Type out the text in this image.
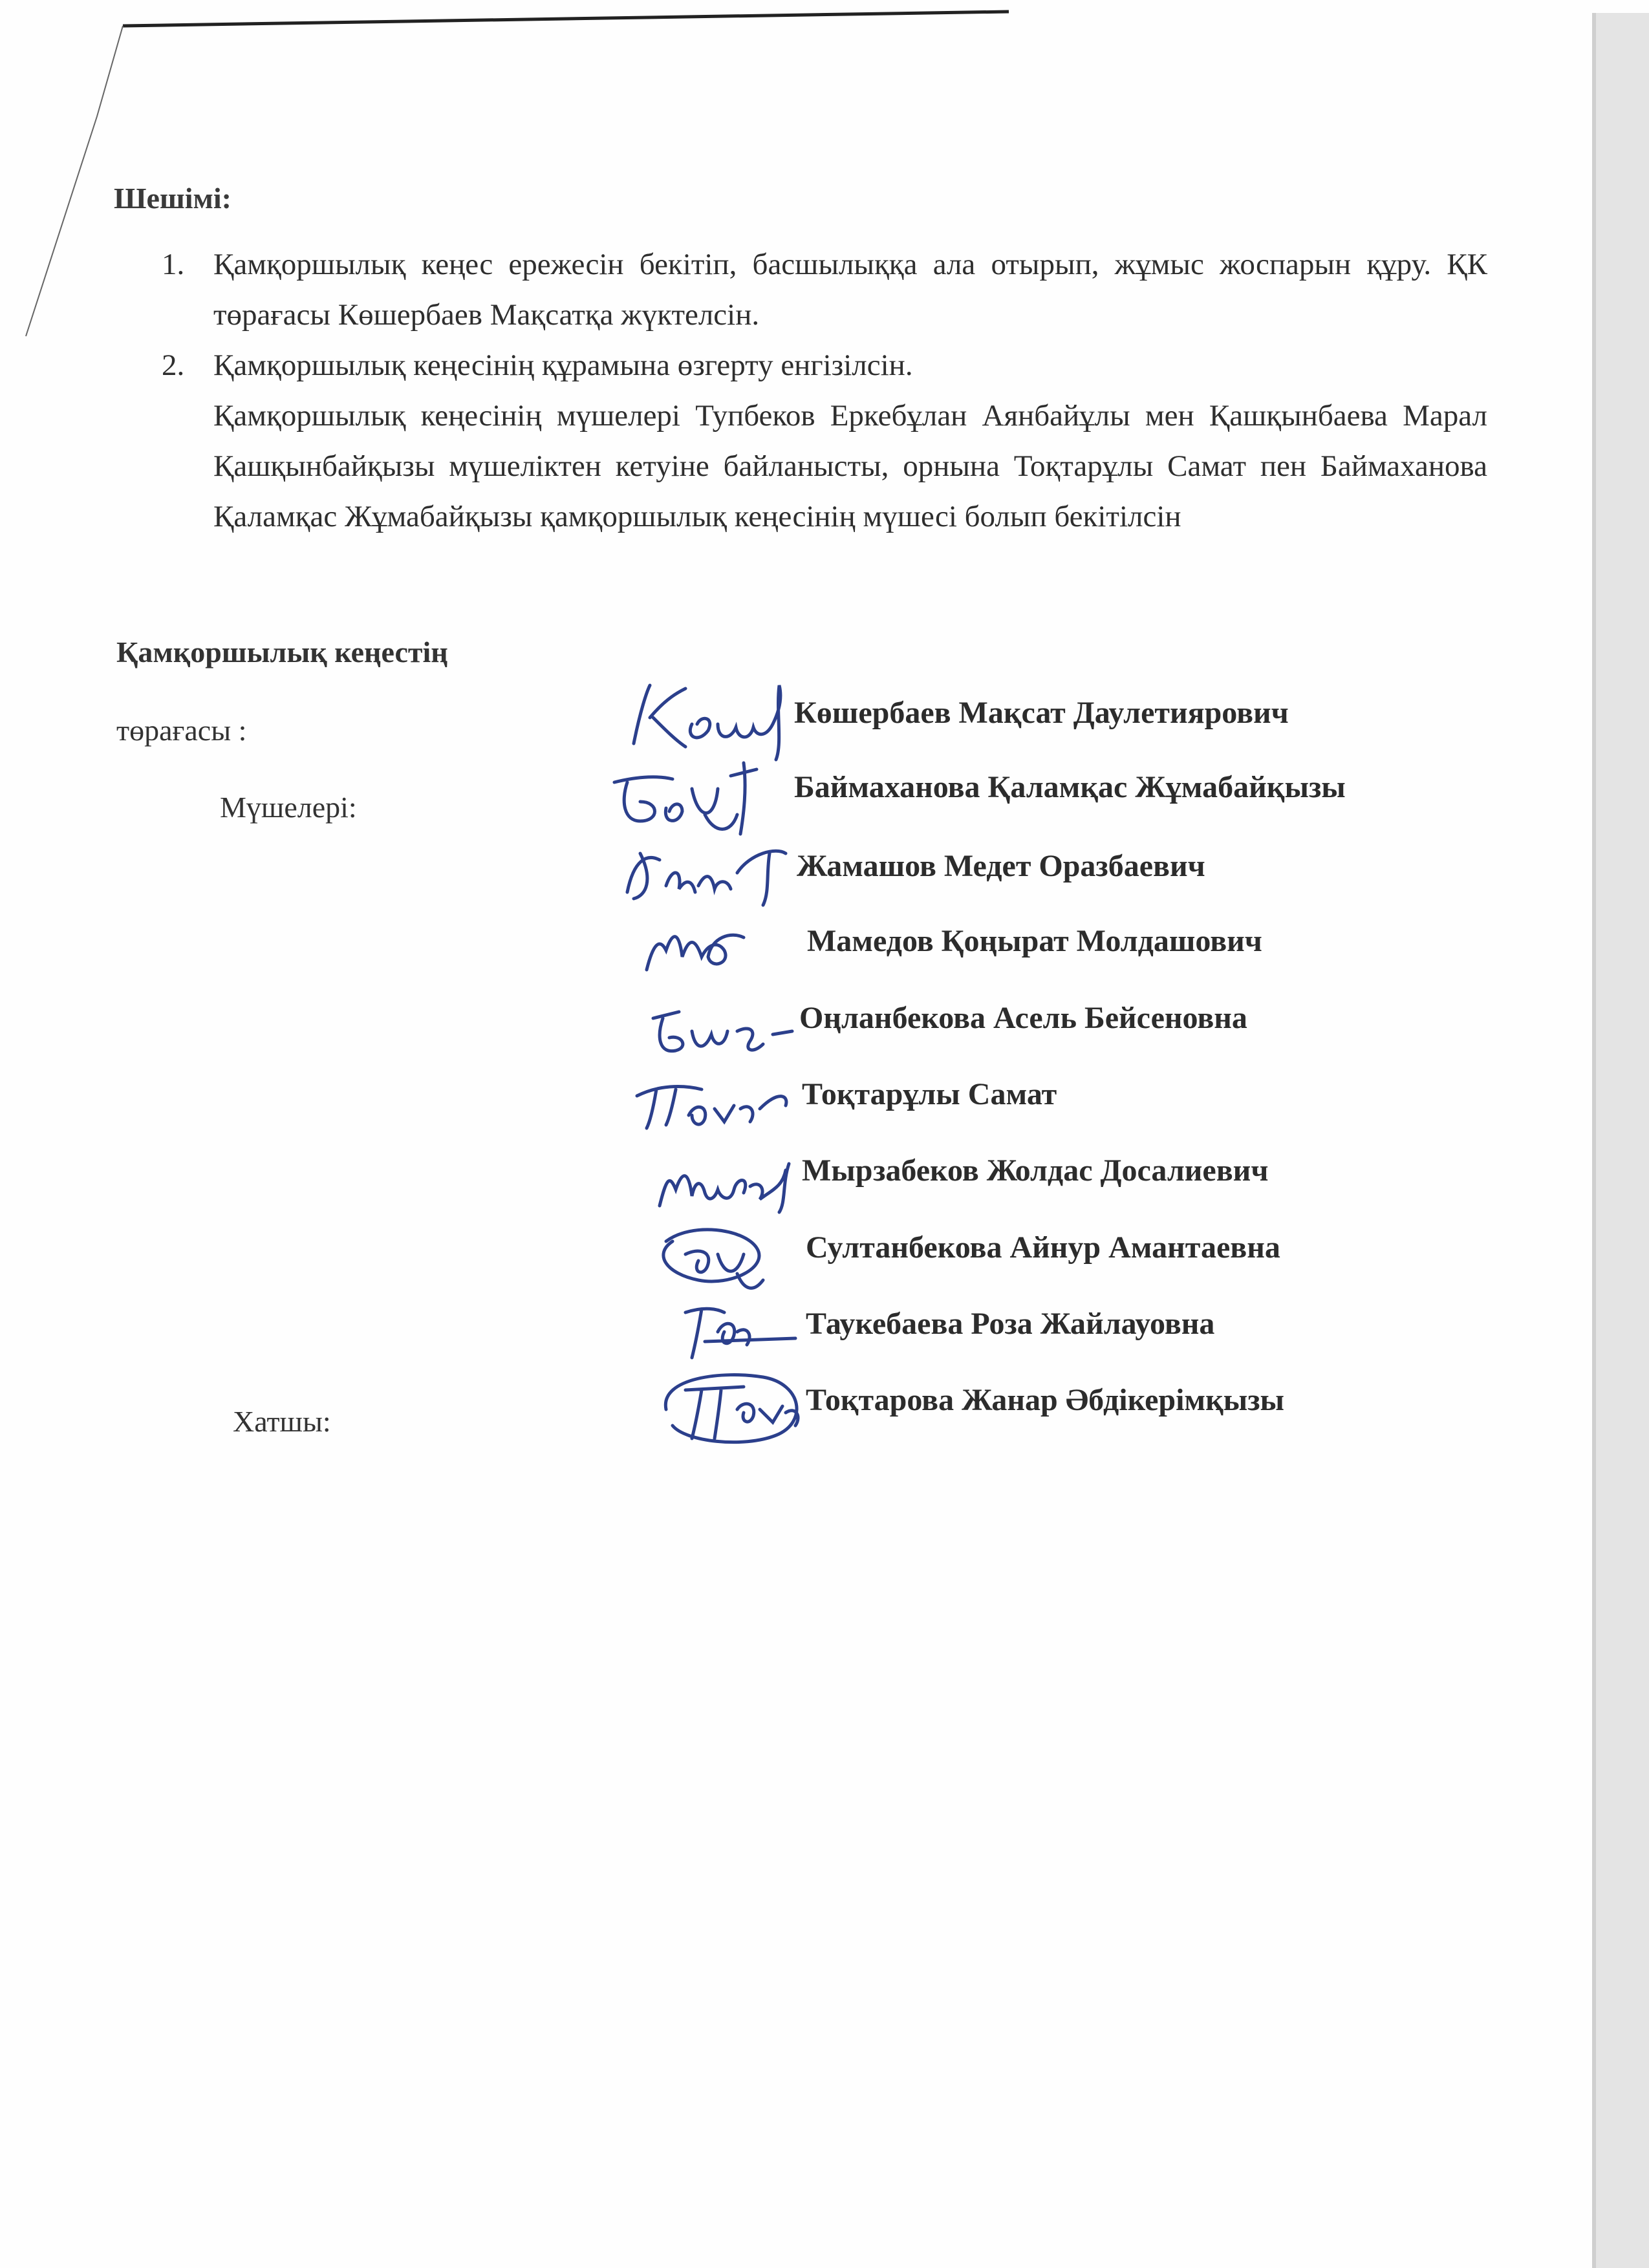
Шешімі:
1. Қамқоршылық кеңес ережесін бекітіп, басшылыққа ала отырып, жұмыс жоспарын құру. ҚК төрағасы Көшербаев Мақсатқа жүктелсін.
2. Қамқоршылық кеңесінің құрамына өзгерту енгізілсін.
Қамқоршылық кеңесінің мүшелері Тупбеков Еркебұлан Аянбайұлы мен Қашқынбаева Марал Қашқынбайқызы мүшеліктен кетуіне байланысты, орнына Тоқтарұлы Самат пен Баймаханова Қаламқас Жұмабайқызы қамқоршылық кеңесінің мүшесі болып бекітілсін
Қамқоршылық кеңестің
төрағасы :
Мүшелері:
Хатшы:
Көшербаев Мақсат Даулетиярович
Баймаханова Қаламқас Жұмабайқызы
Жамашов Медет Оразбаевич
Мамедов Қоңырат Молдашович
Оңланбекова Асель Бейсеновна
Тоқтарұлы Самат
Мырзабеков Жолдас Досалиевич
Султанбекова Айнур Амантаевна
Таукебаева Роза Жайлауовна
Тоқтарова Жанар Әбдікерімқызы
